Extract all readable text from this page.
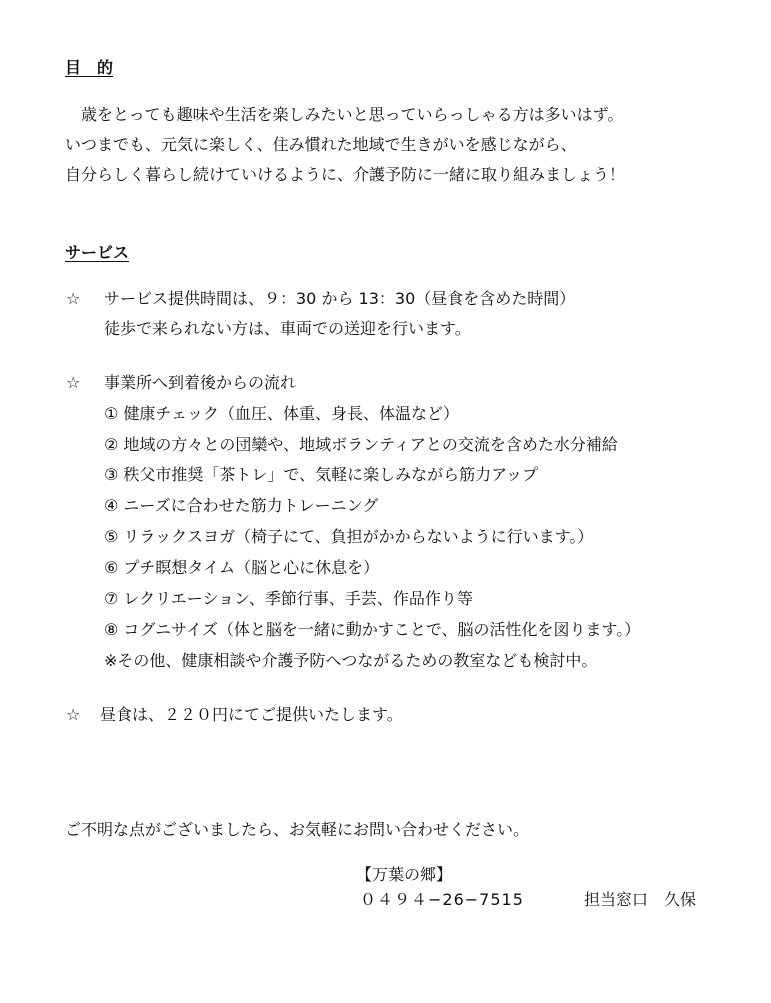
目　的
　歳をとっても趣味や生活を楽しみたいと思っていらっしゃる方は多いはず。
いつまでも、元気に楽しく、住み慣れた地域で生きがいを感じながら、
自分らしく暮らし続けていけるように、介護予防に一緒に取り組みましょう！
サービス
☆ サービス提供時間は、９：30 から 13：30（昼食を含めた時間）
徒歩で来られない方は、車両での送迎を行います。
☆ 事業所へ到着後からの流れ
① 健康チェック（血圧、体重、身長、体温など）
② 地域の方々との団欒や、地域ボランティアとの交流を含めた水分補給
③ 秩父市推奨「茶トレ」で、気軽に楽しみながら筋力アップ
④ ニーズに合わせた筋力トレーニング
⑤ リラックスヨガ（椅子にて、負担がかからないように行います。）
⑥ プチ瞑想タイム（脳と心に休息を）
⑦ レクリエーション、季節行事、手芸、作品作り等
⑧ コグニサイズ（体と脳を一緒に動かすことで、脳の活性化を図ります。）
※その他、健康相談や介護予防へつながるための教室なども検討中。
☆ 昼食は、２２０円にてご提供いたします。
ご不明な点がございましたら、お気軽にお問い合わせください。
【万葉の郷】
０４９４−26−7515	担当窓口　久保
